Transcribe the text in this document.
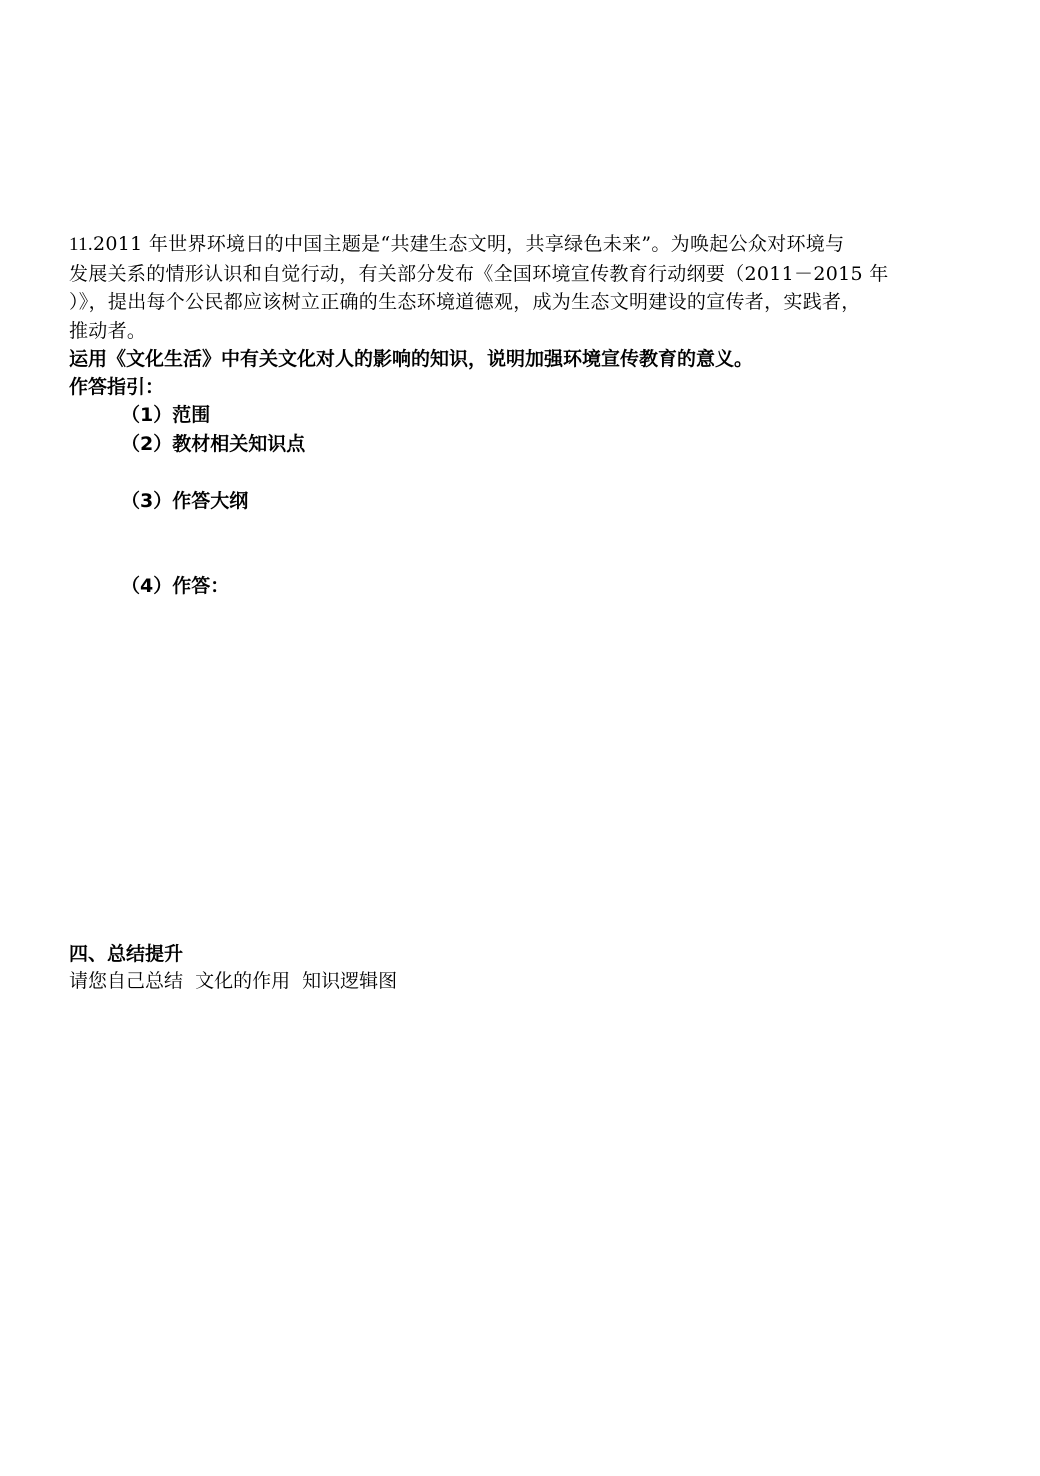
11.2011 年世界环境日的中国主题是“共建生态文明，共享绿色未来”。为唤起公众对环境与
发展关系的情形认识和自觉行动，有关部分发布《全国环境宣传教育行动纲要（2011－2015 年
）》，提出每个公民都应该树立正确的生态环境道德观，成为生态文明建设的宣传者，实践者，
推动者。
运用《文化生活》中有关文化对人的影响的知识，说明加强环境宣传教育的意义。
作答指引：
（1）范围
（2）教材相关知识点
（3）作答大纲
（4）作答：
四、总结提升
请您自己总结  文化的作用  知识逻辑图
